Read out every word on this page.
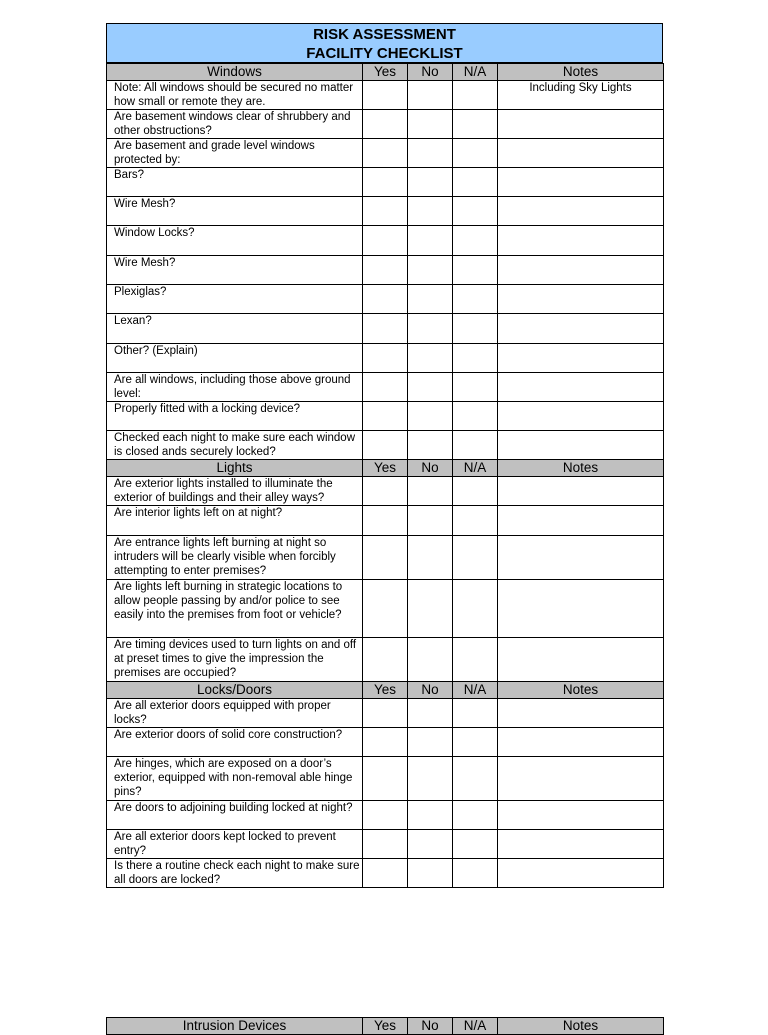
RISK ASSESSMENT
FACILITY CHECKLIST
Windows	Yes	No	N/A	Notes
Note: All windows should be secured no matter how small or remote they are.				Including Sky Lights
Are basement windows clear of shrubbery and other obstructions?				
Are basement and grade level windows protected by:				
Bars?				
Wire Mesh?				
Window Locks?				
Wire Mesh?				
Plexiglas?				
Lexan?				
Other? (Explain)				
Are all windows, including those above ground level:				
Properly fitted with a locking device?				
Checked each night to make sure each window is closed ands securely locked?				
Lights	Yes	No	N/A	Notes
Are exterior lights installed to illuminate the exterior of buildings and their alley ways?				
Are interior lights left on at night?				
Are entrance lights left burning at night so intruders will be clearly visible when forcibly attempting to enter premises?				
Are lights left burning in strategic locations to allow people passing by and/or police to see easily into the premises from foot or vehicle?				
Are timing devices used to turn lights on and off at preset times to give the impression the premises are occupied?				
Locks/Doors	Yes	No	N/A	Notes
Are all exterior doors equipped with proper locks?				
Are exterior doors of solid core construction?				
Are hinges, which are exposed on a door’s exterior, equipped with non-removal able hinge pins?				
Are doors to adjoining building locked at night?				
Are all exterior doors kept locked to prevent entry?				
Is there a routine check each night to make sure all doors are locked?				
Intrusion Devices	Yes	No	N/A	Notes
